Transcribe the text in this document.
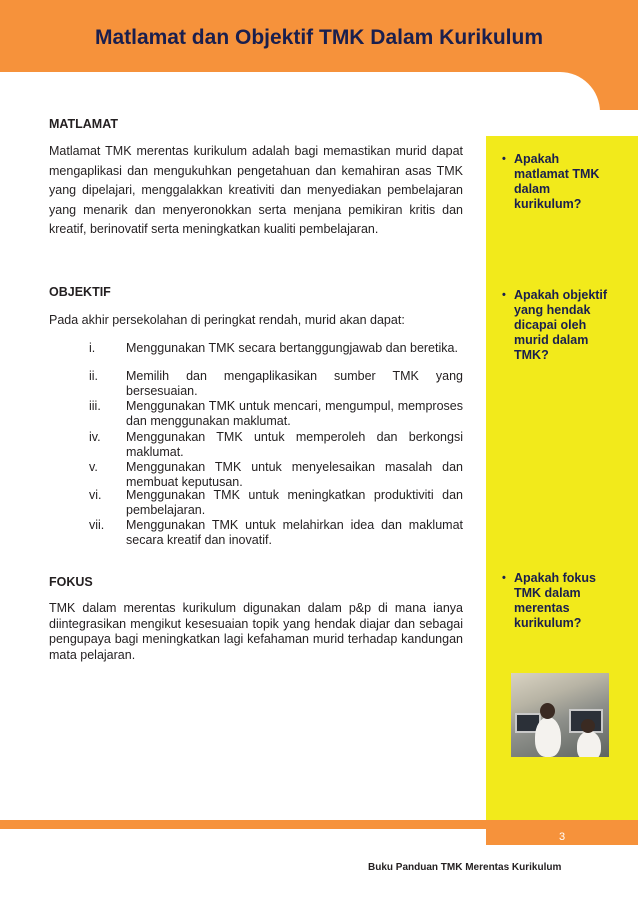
Matlamat dan Objektif TMK Dalam Kurikulum
• Apakah matlamat TMK dalam kurikulum?
• Apakah objektif yang hendak dicapai oleh murid dalam TMK?
• Apakah fokus TMK dalam merentas kurikulum?
MATLAMAT
Matlamat TMK merentas kurikulum adalah bagi memastikan murid dapat mengaplikasi dan mengukuhkan pengetahuan dan kemahiran asas TMK yang dipelajari, menggalakkan kreativiti dan menyediakan pembelajaran yang menarik dan menyeronokkan serta menjana pemikiran kritis dan kreatif, berinovatif serta meningkatkan kualiti pembelajaran.
OBJEKTIF
Pada akhir persekolahan di peringkat rendah, murid akan dapat:
i.	Menggunakan TMK secara bertanggungjawab dan beretika.
ii.	Memilih dan mengaplikasikan sumber TMK yang bersesuaian.
iii.	Menggunakan TMK untuk mencari, mengumpul, memproses dan menggunakan maklumat.
iv.	Menggunakan TMK untuk memperoleh dan berkongsi maklumat.
v.	Menggunakan TMK untuk menyelesaikan masalah dan membuat keputusan.
vi.	Menggunakan TMK untuk meningkatkan produktiviti dan pembelajaran.
vii.	Menggunakan TMK untuk melahirkan idea dan maklumat secara kreatif dan inovatif.
FOKUS
TMK dalam merentas kurikulum digunakan dalam p&p di mana ianya diintegrasikan mengikut kesesuaian topik yang hendak diajar dan sebagai pengupaya bagi meningkatkan lagi kefahaman murid terhadap kandungan mata pelajaran.
3
Buku Panduan TMK Merentas Kurikulum
